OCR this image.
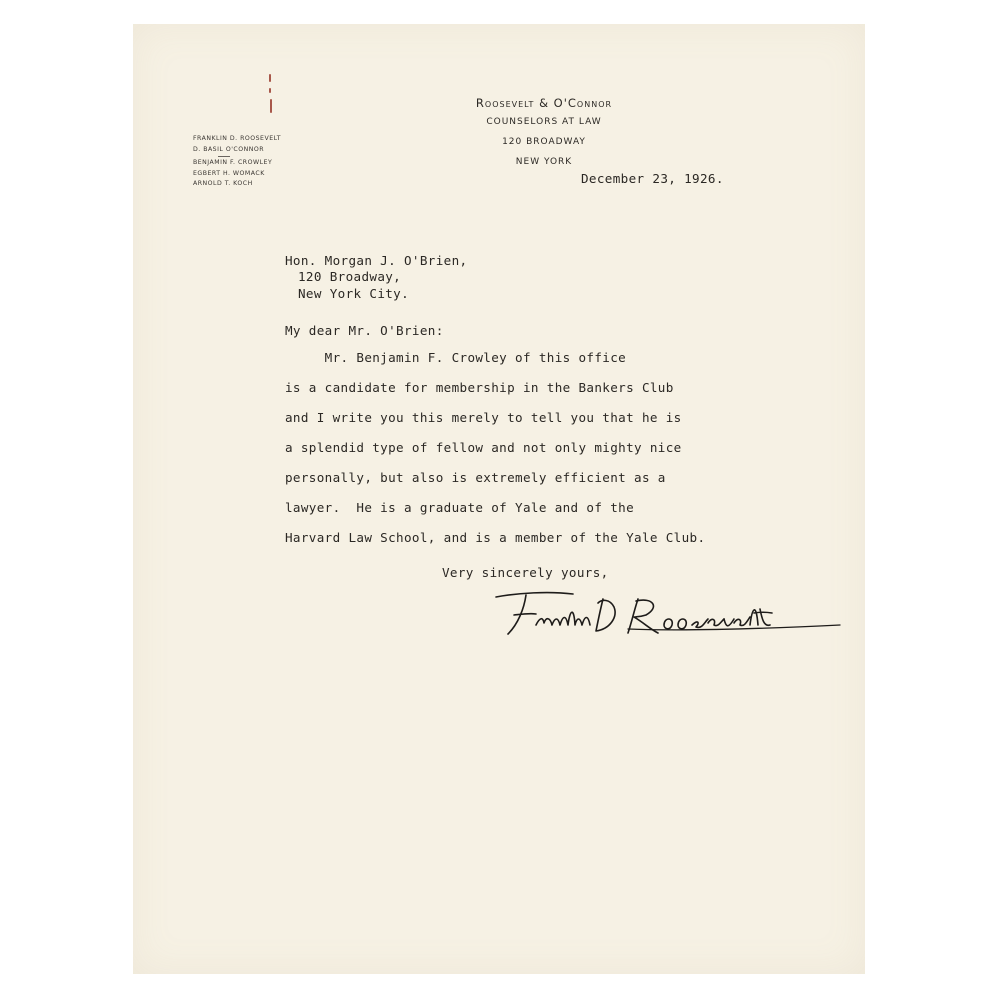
Roosevelt & O'Connor
COUNSELORS AT LAW
120 BROADWAY
NEW YORK
FRANKLIN D. ROOSEVELT
D. BASIL O'CONNOR
BENJAMIN F. CROWLEY
EGBERT H. WOMACK
ARNOLD T. KOCH	December 23, 1926.
Hon. Morgan J. O'Brien,
120 Broadway,
New York City.
My dear Mr. O'Brien:
Mr. Benjamin F. Crowley of this office
is a candidate for membership in the Bankers Club
and I write you this merely to tell you that he is
a splendid type of fellow and not only mighty nice
personally, but also is extremely efficient as a
lawyer.  He is a graduate of Yale and of the
Harvard Law School, and is a member of the Yale Club.
Very sincerely yours,
